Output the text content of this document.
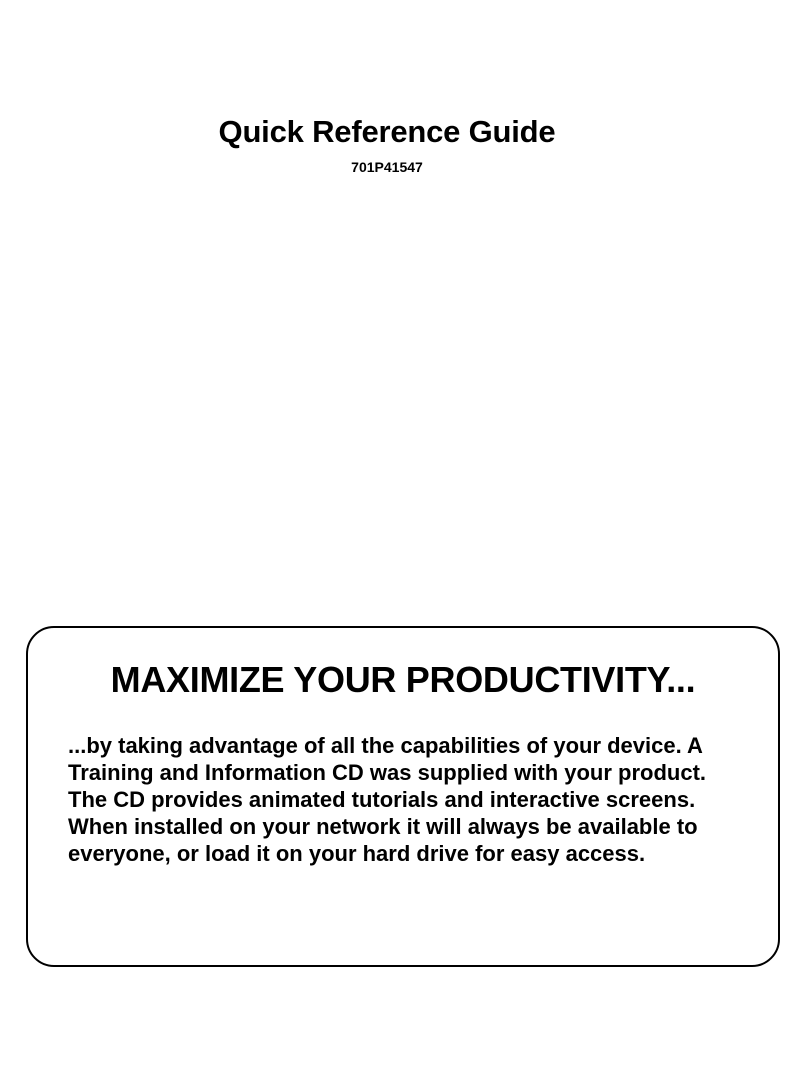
Quick Reference Guide

701P41547

MAXIMIZE YOUR PRODUCTIVITY...

...by taking advantage of all the capabilities of your device. A
Training and Information CD was supplied with your product.
The CD provides animated tutorials and interactive screens.
When installed on your network it will always be available to
everyone, or load it on your hard drive for easy access.
